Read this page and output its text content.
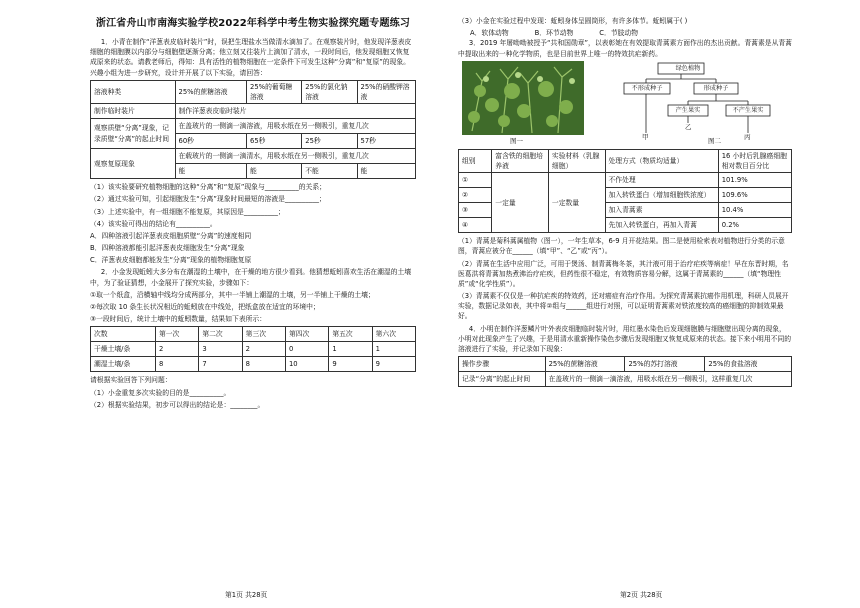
浙江省舟山市南海实验学校2022年科学中考生物实验探究题专题练习

1．小青在制作“洋葱表皮临时装片”时，误把生理盐水当做清水滴加了。在观察装片时，他发现洋葱表皮细胞的细胞膜以内部分与细胞壁逐渐分离；他立刻又往装片上滴加了清水，一段时间后，他发现细胞又恢复成原来的状态。请教老师后，得知：具有活性的植物细胞在一定条件下可发生这种“分离”和“复原”的现象。兴趣小组为进一步研究，设计并开展了以下实验，请回答：

溶液种类	25%的蔗糖溶液	25%的葡萄糖溶液	25%的氯化钠溶液	25%的硝酸钾溶液
制作临时装片	制作洋葱表皮临时装片			
观察质壁“分离”现象，记录质壁“分离”的起止时间	在盖玻片的一侧滴一滴溶液，用吸水纸在另一侧吸引，重复几次			
	60秒	65秒	25秒	57秒
观察复原现象	在载玻片的一侧滴一滴清水，用吸水纸在另一侧吸引，重复几次			
	能	能	不能	能

（1）该实验要研究植物细胞的这种“分离”和“复原”现象与__________的关系；

（2）通过实验可知，引起细胞发生“分离”现象时间最短的溶液是__________；

（3）上述实验中，有一组细胞不能复原，其原因是__________；

（4）该实验可得出的结论有__________。

A．四种溶液引起洋葱表皮细胞质壁“分离”的速度相同

B．四种溶液都能引起洋葱表皮细胞发生“分离”现象

C．洋葱表皮细胞都能发生“分离”现象的植物细胞复原

2．小金发现蚯蚓大多分布在潮湿的土壤中，在干燥的地方很少看到。他猜想蚯蚓喜欢生活在潮湿的土壤中，为了验证猜想，小金展开了探究实验，步骤如下：

①取一个纸盒，沿横轴中线均分成两部分，其中一半铺上潮湿的土壤，另一半铺上干燥的土壤；

②每次取 10 条生长状况相近的蚯蚓放在中线处，把纸盒放在适宜的环境中；

③一段时间后，统计土壤中的蚯蚓数量，结果如下表所示：

次数	第一次	第二次	第三次	第四次	第五次	第六次
干燥土壤/条	2	3	2	0	1	1
潮湿土壤/条	8	7	8	10	9	9

请根据实验回答下列问题：

（1）小金重复多次实验的目的是__________。

（2）根据实验结果，初步可以得出的结论是：________。

第1页 共28页

（3）小金在实验过程中发现：蚯蚓身体呈圆筒形，有许多体节。蚯蚓属于( )

A．软体动物	B．环节动物	C．节肢动物

3．2019 年屠呦呦被授予“共和国勋章”，以表彰她在有效提取青蒿素方面作出的杰出贡献。青蒿素是从青蒿中提取出来的一种化学物质，也是目前世界上唯一的特效抗疟新药。

图一
绿色植物
不形成种子	形成种子
产生果实	不产生果实
甲
乙
丙
图二
组别	富含铁的细胞培养液	实验材料（乳腺细胞）	处理方式（物质均适量）	16 小时后乳腺癌细胞相对数目百分比
①	一定量	一定数量	不作处理	101.9%
②			加入转铁蛋白（增加细胞铁浓度）	109.6%
③			加入青蒿素	10.4%
④			先加入转铁蛋白，再加入青蒿	0.2%

（1）青蒿是菊科蒿属植物（图一），一年生草本，6-9 月开花结果。图二是使用检索表对植物进行分类的示意图，青蒿应被分在______（填“甲”、“乙”或“丙”）。

（2）青蒿在生活中应用广泛，可用于煲汤、制青蒿梅冬茶，其汁液可用于治疗疟疾等病症！早在东晋时期，名医葛洪将青蒿加热煮沸治疗疟疾，但药性很不稳定，有效物质容易分解，这属于青蒿素的______（填“物理性质”或“化学性质”）。

（3）青蒿素不仅仅是一种抗疟疾的特效药，还对癌症有治疗作用。为探究青蒿素抗癌作用机理，科研人员展开实验，数据记录如表，其中将②组与______组进行对照，可以证明青蒿素对铁浓度较高的癌细胞的抑制效果最好。

4．小明在制作洋葱鳞片叶外表皮细胞临时装片时，用红墨水染色后发现细胞膜与细胞壁出现分离的现象，小明对此现象产生了兴趣，于是用清水重新操作染色步骤后发现细胞又恢复成原来的状态。接下来小明用不同的溶液进行了实验，并记录如下现象：

操作步骤	25%的蔗糖溶液	25%的苏打溶液	25%的食盐溶液
记录“分离”的起止时间	在盖玻片的一侧滴一滴溶液，用吸水纸在另一侧吸引，这样重复几次		
第2页 共28页
